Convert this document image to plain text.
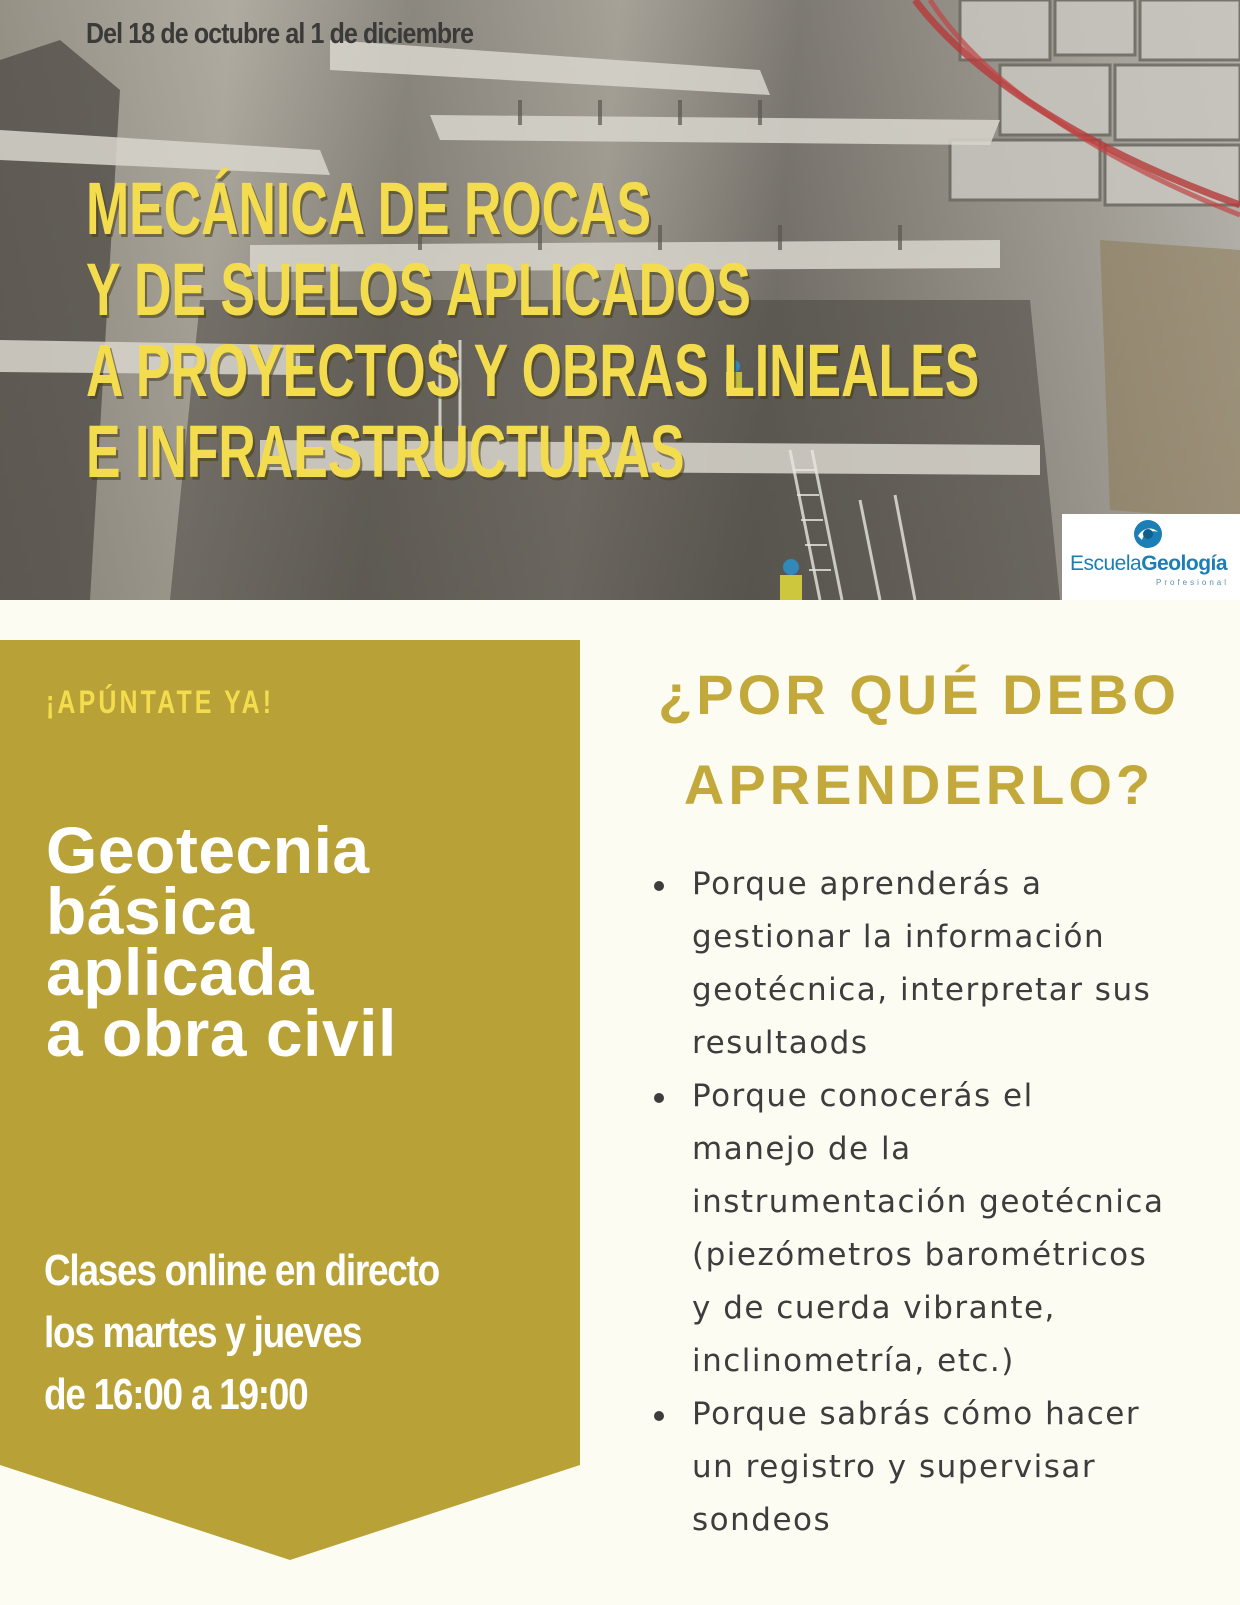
Del 18 de octubre al 1 de diciembre
MECÁNICA DE ROCAS
Y DE SUELOS APLICADOS
A PROYECTOS Y OBRAS LINEALES
E INFRAESTRUCTURAS
EscuelaGeología
Profesional
¡APÚNTATE YA!
Geotecnia
básica
aplicada
a obra civil

Clases online en directo
los martes y jueves
de 16:00 a 19:00

¿POR QUÉ DEBO
APRENDERLO?
Porque aprenderás a
gestionar la información
geotécnica, interpretar sus
resultaods
Porque conocerás el
manejo de la
instrumentación geotécnica
(piezómetros barométricos
y de cuerda vibrante,
inclinometría, etc.)
Porque sabrás cómo hacer
un registro y supervisar
sondeos
